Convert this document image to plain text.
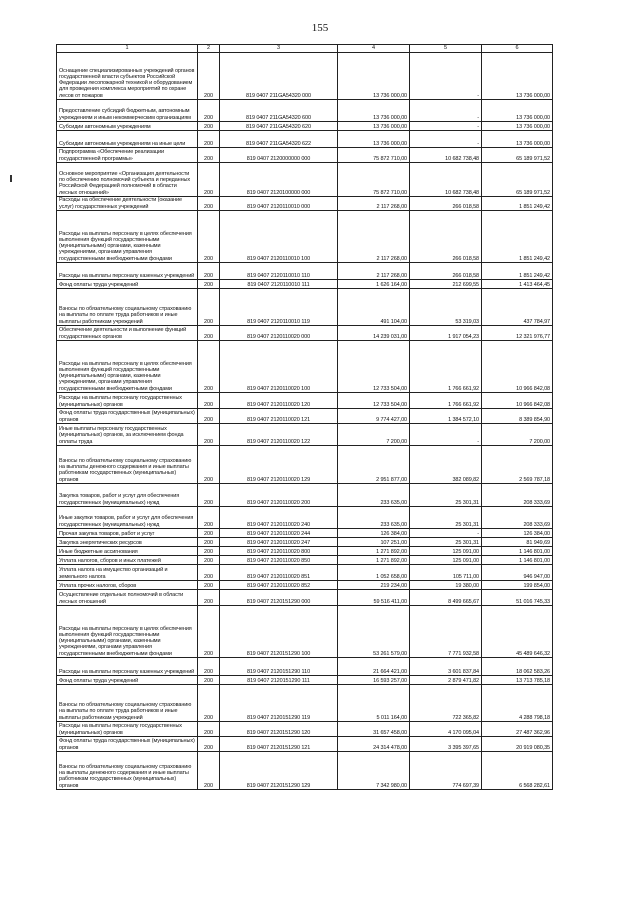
155
1	2	3	4	5	6

Оснащение специализированных учреждений органов государственной власти субъектов Российской Федерации лесопожарной техникой и оборудованием для проведения комплекса мероприятий по охране лесов от пожаров	200	819 0407 211GA54320 000	13 736 000,00	-	13 736 000,00

Предоставление субсидий бюджетным, автономным учреждениям и иным некоммерческим организациям	200	819 0407 211GA54320 600	13 736 000,00	-	13 736 000,00

Субсидии автономным учреждениям	200	819 0407 211GA54320 620	13 736 000,00	-	13 736 000,00

Субсидии автономным учреждениям на иные цели	200	819 0407 211GA54320 622	13 736 000,00	-	13 736 000,00

Подпрограмма «Обеспечение реализации государственной программы»	200	819 0407 2120000000 000	75 872 710,00	10 682 738,48	65 189 971,52

Основное мероприятие «Организация деятельности по обеспечению полномочий субъекта и переданных Российской Федерацией полномочий в области лесных отношений»	200	819 0407 2120100000 000	75 872 710,00	10 682 738,48	65 189 971,52

Расходы на обеспечение деятельности (оказание услуг) государственных учреждений	200	819 0407 2120110010 000	2 117 268,00	266 018,58	1 851 249,42

Расходы на выплаты персоналу в целях обеспечения выполнения функций государственными (муниципальными) органами, казенными учреждениями, органами управления государственными внебюджетными фондами	200	819 0407 2120110010 100	2 117 268,00	266 018,58	1 851 249,42

Расходы на выплаты персоналу казенных учреждений	200	819 0407 2120110010 110	2 117 268,00	266 018,58	1 851 249,42

Фонд оплаты труда учреждений	200	819 0407 2120110010 111	1 626 164,00	212 699,55	1 413 464,45

Взносы по обязательному социальному страхованию на выплаты по оплате труда работников и иные выплаты работникам учреждений	200	819 0407 2120110010 119	491 104,00	53 319,03	437 784,97

Обеспечение деятельности и выполнение функций государственных органов	200	819 0407 2120110020 000	14 239 031,00	1 917 054,23	12 321 976,77

Расходы на выплаты персоналу в целях обеспечения выполнения функций государственными (муниципальными) органами, казенными учреждениями, органами управления государственными внебюджетными фондами	200	819 0407 2120110020 100	12 733 504,00	1 766 661,92	10 966 842,08

Расходы на выплаты персоналу государственных (муниципальных) органов	200	819 0407 2120110020 120	12 733 504,00	1 766 661,92	10 966 842,08

Фонд оплаты труда государственных (муниципальных) органов	200	819 0407 2120110020 121	9 774 427,00	1 384 572,10	8 389 854,90

Иные выплаты персоналу государственных (муниципальных) органов, за исключением фонда оплаты труда	200	819 0407 2120110020 122	7 200,00	-	7 200,00

Взносы по обязательному социальному страхованию на выплаты денежного содержания и иные выплаты работникам государственных (муниципальных) органов	200	819 0407 2120110020 129	2 951 877,00	382 089,82	2 569 787,18

Закупка товаров, работ и услуг для обеспечения государственных (муниципальных) нужд	200	819 0407 2120110020 200	233 635,00	25 301,31	208 333,69

Иные закупки товаров, работ и услуг для обеспечения государственных (муниципальных) нужд	200	819 0407 2120110020 240	233 635,00	25 301,31	208 333,69

Прочая закупка товаров, работ и услуг	200	819 0407 2120110020 244	126 384,00	-	126 384,00

Закупка энергетических ресурсов	200	819 0407 2120110020 247	107 251,00	25 301,31	81 949,69

Иные бюджетные ассигнования	200	819 0407 2120110020 800	1 271 892,00	125 091,00	1 146 801,00

Уплата налогов, сборов и иных платежей	200	819 0407 2120110020 850	1 271 892,00	125 091,00	1 146 801,00

Уплата налога на имущество организаций и земельного налога	200	819 0407 2120110020 851	1 052 658,00	105 711,00	946 947,00

Уплата прочих налогов, сборов	200	819 0407 2120110020 852	219 234,00	19 380,00	199 854,00

Осуществление отдельных полномочий в области лесных отношений	200	819 0407 2120151290 000	59 516 411,00	8 499 665,67	51 016 745,33

Расходы на выплаты персоналу в целях обеспечения выполнения функций государственными (муниципальными) органами, казенными учреждениями, органами управления государственными внебюджетными фондами	200	819 0407 2120151290 100	53 261 579,00	7 771 932,58	45 489 646,32

Расходы на выплаты персоналу казенных учреждений	200	819 0407 2120151290 110	21 664 421,00	3 601 837,84	18 062 583,26

Фонд оплаты труда учреждений	200	819 0407 2120151290 111	16 593 257,00	2 879 471,82	13 713 785,18

Взносы по обязательному социальному страхованию на выплаты по оплате труда работников и иные выплаты работникам учреждений	200	819 0407 2120151290 119	5 011 164,00	722 365,82	4 288 798,18

Расходы на выплаты персоналу государственных (муниципальных) органов	200	819 0407 2120151290 120	31 657 458,00	4 170 095,04	27 487 362,96

Фонд оплаты труда государственных (муниципальных) органов	200	819 0407 2120151290 121	24 314 478,00	3 395 397,65	20 919 080,35

Взносы по обязательному социальному страхованию на выплаты денежного содержания и иные выплаты работникам государственных (муниципальных) органов	200	819 0407 2120151290 129	7 342 980,00	774 697,39	6 568 282,61
